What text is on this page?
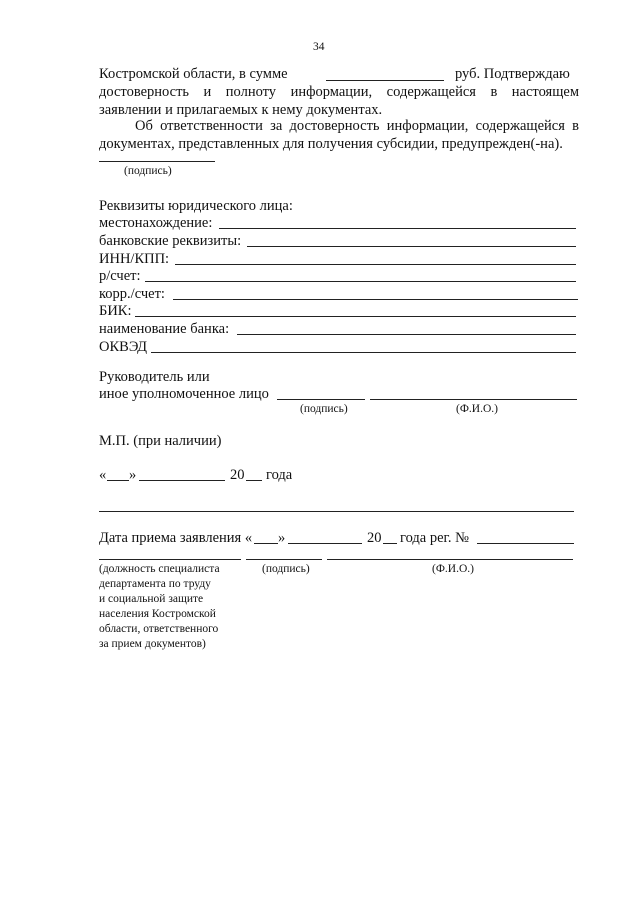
34
Костромской области, в сумме	руб. Подтверждаю
достоверность и полноту информации, содержащейся в настоящем
заявлении и прилагаемых к нему документах.
Об ответственности за достоверность информации, содержащейся в
документах, представленных для получения субсидии, предупрежден(-на).
(подпись)
Реквизиты юридического лица:
местонахождение:
банковские реквизиты:
ИНН/КПП:
р/счет:
корр./счет:
БИК:
наименование банка:
ОКВЭД
Руководитель или
иное уполномоченное лицо
(подпись)	(Ф.И.О.)
М.П. (при наличии)
« »	20 года
Дата приема заявления « »	20 года рег. №
(должность специалиста
департамента по труду
и социальной защите
населения Костромской
области, ответственного
за прием документов)
(подпись)	(Ф.И.О.)
